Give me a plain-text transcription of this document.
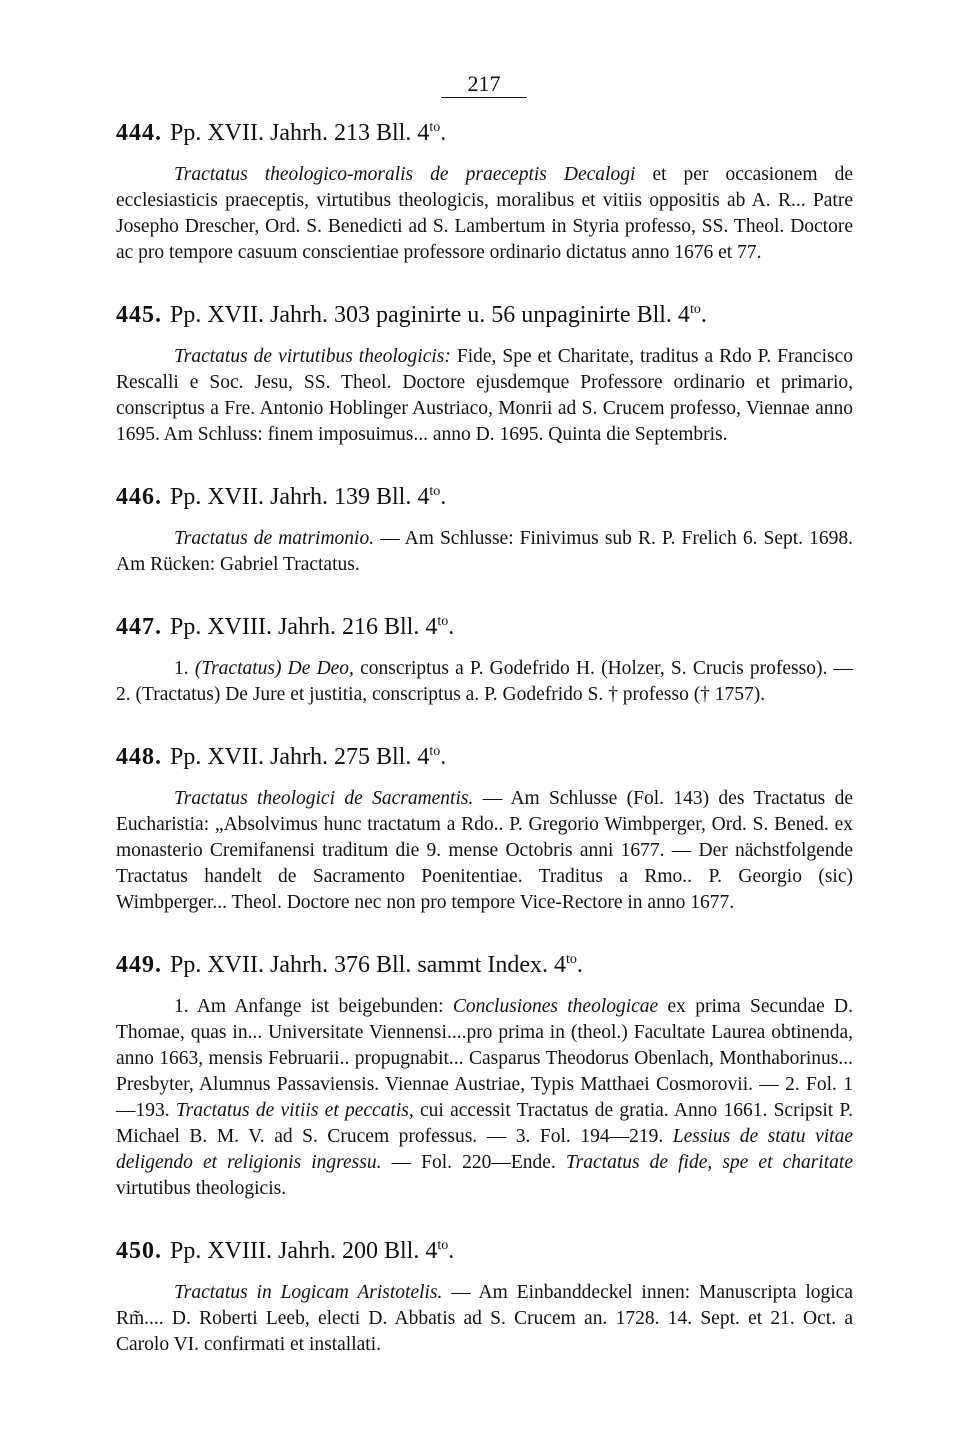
217

444. Pp. XVII. Jahrh. 213 Bll. $4^{to}$.

Tractatus theologico-moralis de praeceptis Decalogi et per occasionem de ecclesiasticis praeceptis, virtutibus theologicis, moralibus et vitiis oppositis ab A. R... Patre Josepho Drescher, Ord. S. Benedicti ad S. Lambertum in Styria professo, SS. Theol. Doctore ac pro tempore casuum conscientiae professore ordinario dictatus anno 1676 et 77.

445. Pp. XVII. Jahrh. 303 paginirte u. 56 unpaginirte Bll. $4^{to}$.

Tractatus de virtutibus theologicis: Fide, Spe et Charitate, traditus a Rdo P. Francisco Rescalli e Soc. Jesu, SS. Theol. Doctore ejusdemque Professore ordinario et primario, conscriptus a Fre. Antonio Hoblinger Austriaco, Monrii ad S. Crucem professo, Viennae anno 1695. Am Schluss: finem imposuimus... anno D. 1695. Quinta die Septembris.

446. Pp. XVII. Jahrh. 139 Bll. $4^{to}$.

Tractatus de matrimonio. — Am Schlusse: Finivimus sub R. P. Frelich 6. Sept. 1698. Am Rücken: Gabriel Tractatus.

447. Pp. XVIII. Jahrh. 216 Bll. $4^{to}$.

1. (Tractatus) De Deo, conscriptus a P. Godefrido H. (Holzer, S. Crucis professo). — 2. (Tractatus) De Jure et justitia, conscriptus a. P. Godefrido S. † professo († 1757).

448. Pp. XVII. Jahrh. 275 Bll. $4^{to}$.

Tractatus theologici de Sacramentis. — Am Schlusse (Fol. 143) des Tractatus de Eucharistia: „Absolvimus hunc tractatum a Rdo.. P. Gregorio Wimbperger, Ord. S. Bened. ex monasterio Cremifanensi traditum die 9. mense Octobris anni 1677. — Der nächstfolgende Tractatus handelt de Sacramento Poenitentiae. Traditus a Rmo.. P. Georgio (sic) Wimbperger... Theol. Doctore nec non pro tempore Vice-Rectore in anno 1677.

449. Pp. XVII. Jahrh. 376 Bll. sammt Index. $4^{to}$.

1. Am Anfange ist beigebunden: Conclusiones theologicae ex prima Secundae D. Thomae, quas in... Universitate Viennensi....pro prima in (theol.) Facultate Laurea obtinenda, anno 1663, mensis Februarii.. propugnabit... Casparus Theodorus Obenlach, Monthaborinus... Presbyter, Alumnus Passaviensis. Viennae Austriae, Typis Matthaei Cosmorovii. — 2. Fol. 1—193. Tractatus de vitiis et peccatis, cui accessit Tractatus de gratia. Anno 1661. Scripsit P. Michael B. M. V. ad S. Crucem professus. — 3. Fol. 194—219. Lessius de statu vitae deligendo et religionis ingressu. — Fol. 220—Ende. Tractatus de fide, spe et charitate virtutibus theologicis.

450. Pp. XVIII. Jahrh. 200 Bll. $4^{to}$.

Tractatus in Logicam Aristotelis. — Am Einbanddeckel innen: Manuscripta logica Rm̃.... D. Roberti Leeb, electi D. Abbatis ad S. Crucem an. 1728. 14. Sept. et 21. Oct. a Carolo VI. confirmati et installati.
